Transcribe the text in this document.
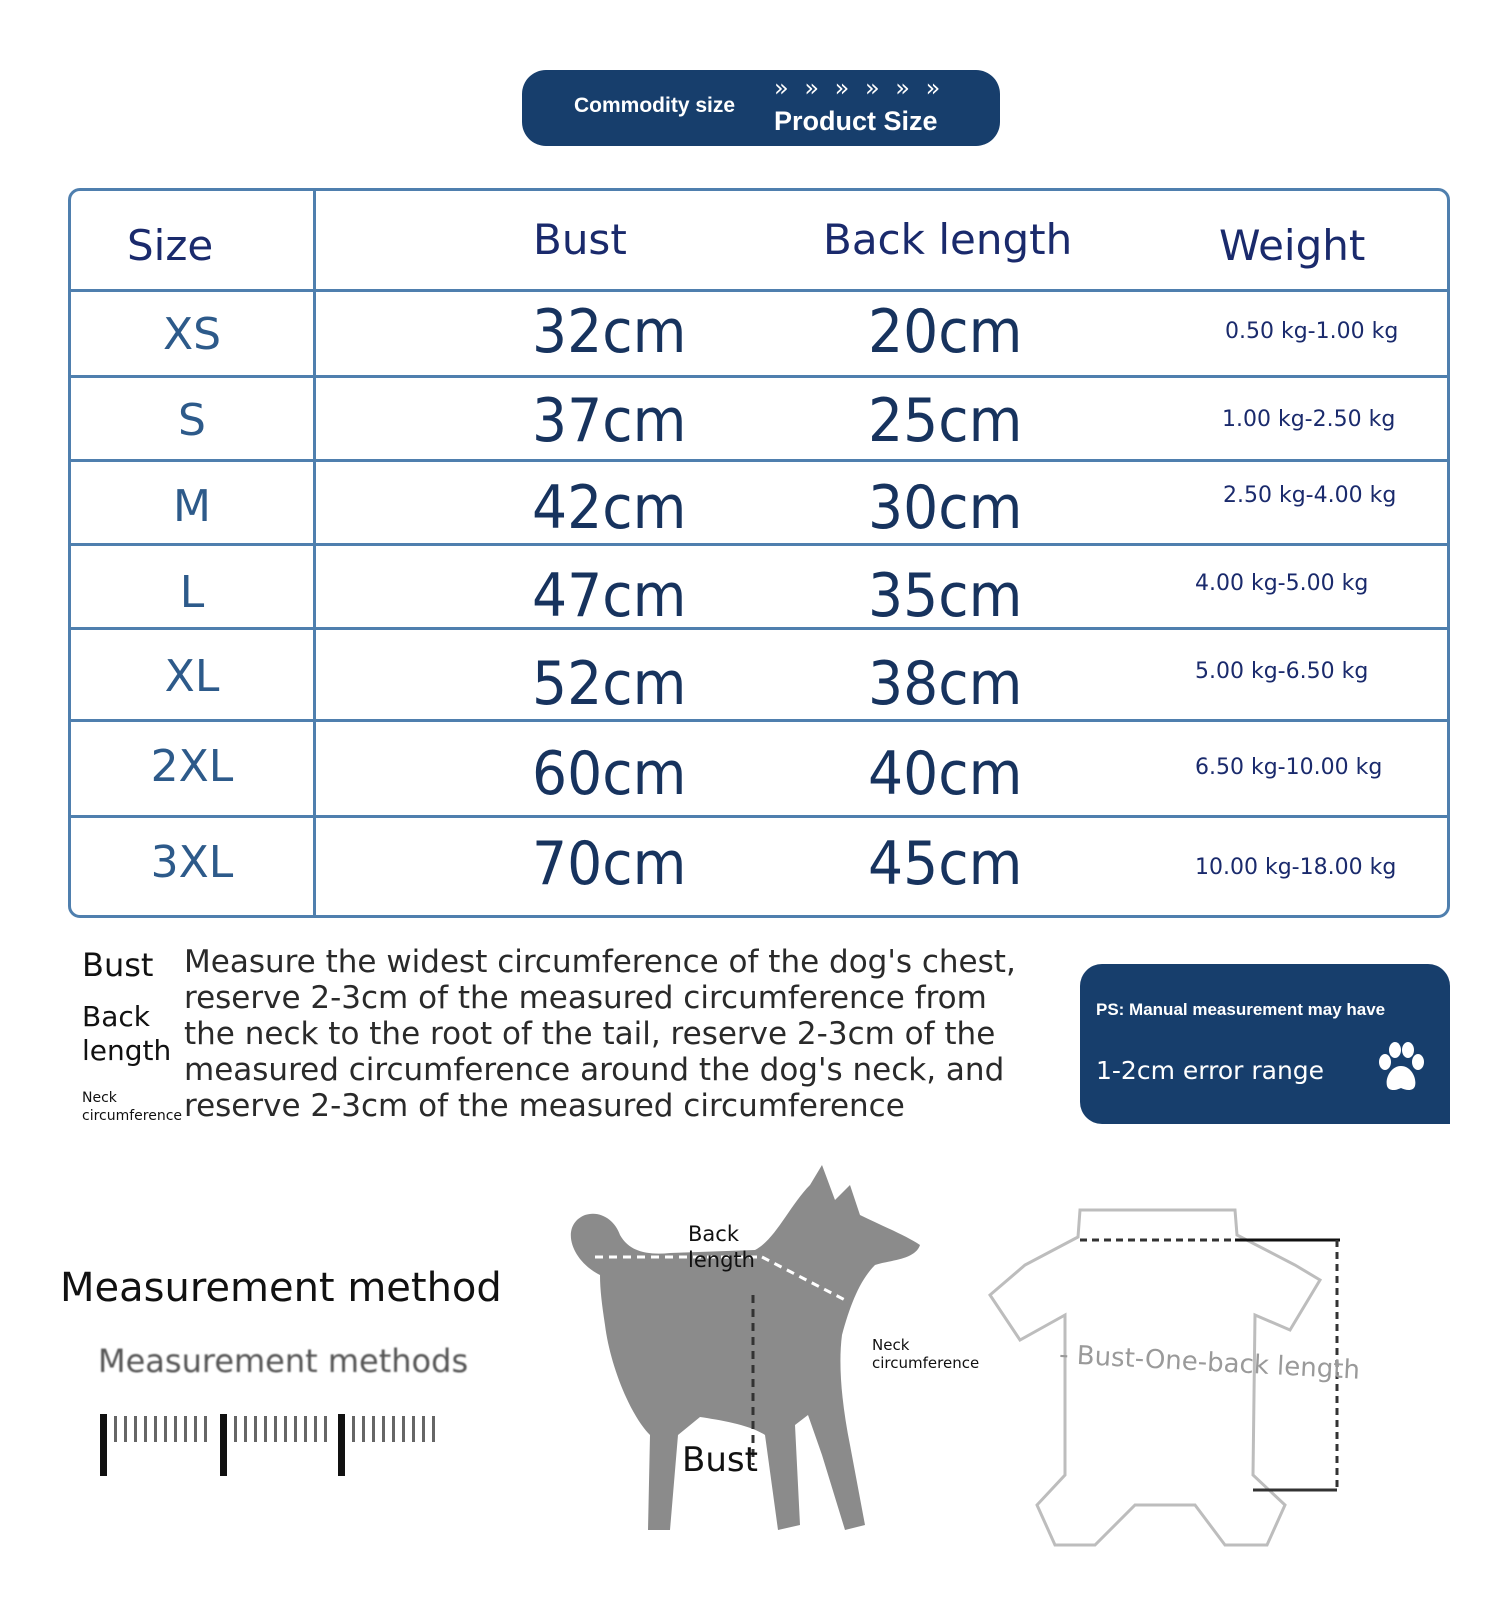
Commodity size
» » » » » »
Product Size
Size	Bust	Back length	Weight
XS	32cm	20cm	0.50 kg-1.00 kg
S	37cm	25cm	1.00 kg-2.50 kg
M	42cm	30cm	2.50 kg-4.00 kg
L	47cm	35cm	4.00 kg-5.00 kg
XL	52cm	38cm	5.00 kg-6.50 kg
2XL	60cm	40cm	6.50 kg-10.00 kg
3XL	70cm	45cm	10.00 kg-18.00 kg
Bust
Back
length
Neck
circumference
Measure the widest circumference of the dog's chest, reserve 2-3cm of the measured circumference from the neck to the root of the tail, reserve 2-3cm of the measured circumference around the dog's neck, and reserve 2-3cm of the measured circumference
PS: Manual measurement may have
1-2cm error range
Measurement method
Measurement methods
Back
length
Neck
circumference
Bust
- Bust-One-back length
